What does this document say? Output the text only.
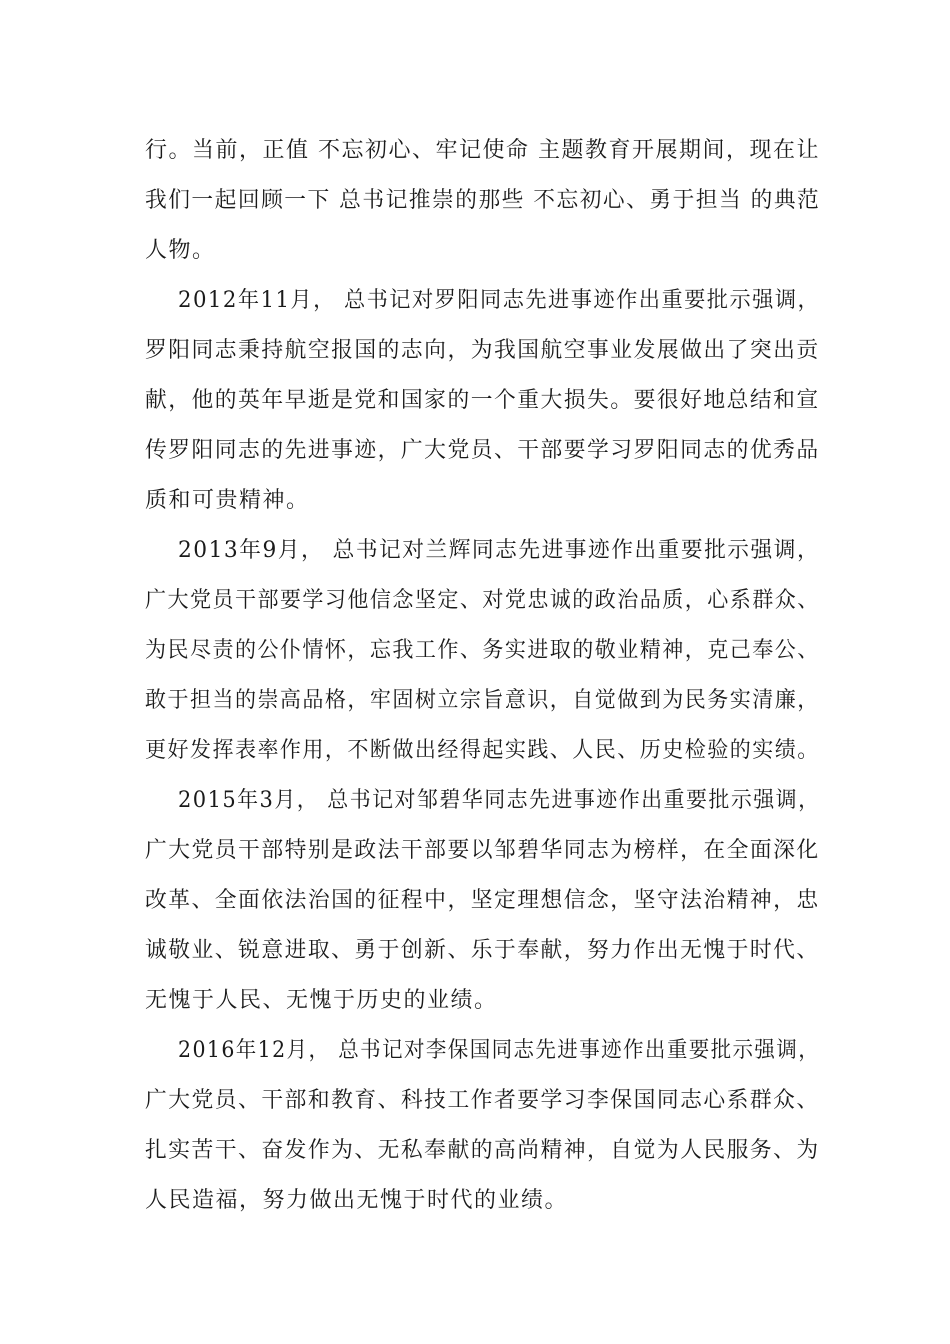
行。当前，正值 不忘初心、牢记使命 主题教育开展期间，现在让
我们一起回顾一下 总书记推崇的那些 不忘初心、勇于担当 的典范
人物。
2012年11月， 总书记对罗阳同志先进事迹作出重要批示强调，
罗阳同志秉持航空报国的志向，为我国航空事业发展做出了突出贡
献，他的英年早逝是党和国家的一个重大损失。要很好地总结和宣
传罗阳同志的先进事迹，广大党员、干部要学习罗阳同志的优秀品
质和可贵精神。
2013年9月， 总书记对兰辉同志先进事迹作出重要批示强调，
广大党员干部要学习他信念坚定、对党忠诚的政治品质，心系群众、
为民尽责的公仆情怀，忘我工作、务实进取的敬业精神，克己奉公、
敢于担当的崇高品格，牢固树立宗旨意识，自觉做到为民务实清廉，
更好发挥表率作用，不断做出经得起实践、人民、历史检验的实绩。
2015年3月， 总书记对邹碧华同志先进事迹作出重要批示强调，
广大党员干部特别是政法干部要以邹碧华同志为榜样，在全面深化
改革、全面依法治国的征程中，坚定理想信念，坚守法治精神，忠
诚敬业、锐意进取、勇于创新、乐于奉献，努力作出无愧于时代、
无愧于人民、无愧于历史的业绩。
2016年12月， 总书记对李保国同志先进事迹作出重要批示强调，
广大党员、干部和教育、科技工作者要学习李保国同志心系群众、
扎实苦干、奋发作为、无私奉献的高尚精神，自觉为人民服务、为
人民造福，努力做出无愧于时代的业绩。
